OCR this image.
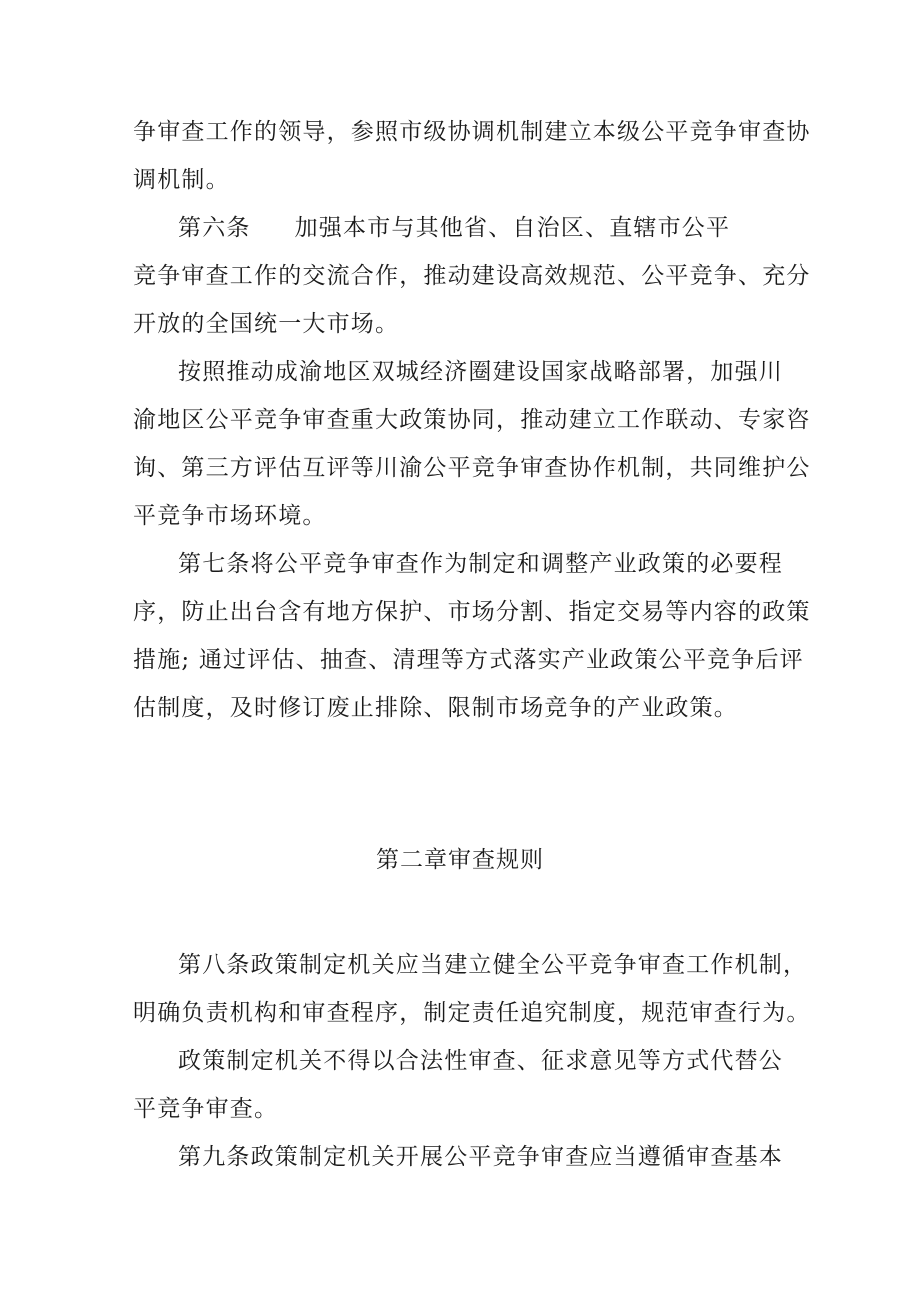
争审查工作的领导，参照市级协调机制建立本级公平竞争审查协
调机制。
第六条 加强本市与其他省、自治区、直辖市公平
竞争审查工作的交流合作，推动建设高效规范、公平竞争、充分
开放的全国统一大市场。
按照推动成渝地区双城经济圈建设国家战略部署，加强川
渝地区公平竞争审查重大政策协同，推动建立工作联动、专家咨
询、第三方评估互评等川渝公平竞争审查协作机制，共同维护公
平竞争市场环境。
第七条将公平竞争审查作为制定和调整产业政策的必要程
序，防止出台含有地方保护、市场分割、指定交易等内容的政策
措施; 通过评估、抽查、清理等方式落实产业政策公平竞争后评
估制度，及时修订废止排除、限制市场竞争的产业政策。
第二章审查规则
第八条政策制定机关应当建立健全公平竞争审查工作机制，
明确负责机构和审查程序，制定责任追究制度，规范审查行为。
政策制定机关不得以合法性审查、征求意见等方式代替公
平竞争审查。
第九条政策制定机关开展公平竞争审查应当遵循审查基本
